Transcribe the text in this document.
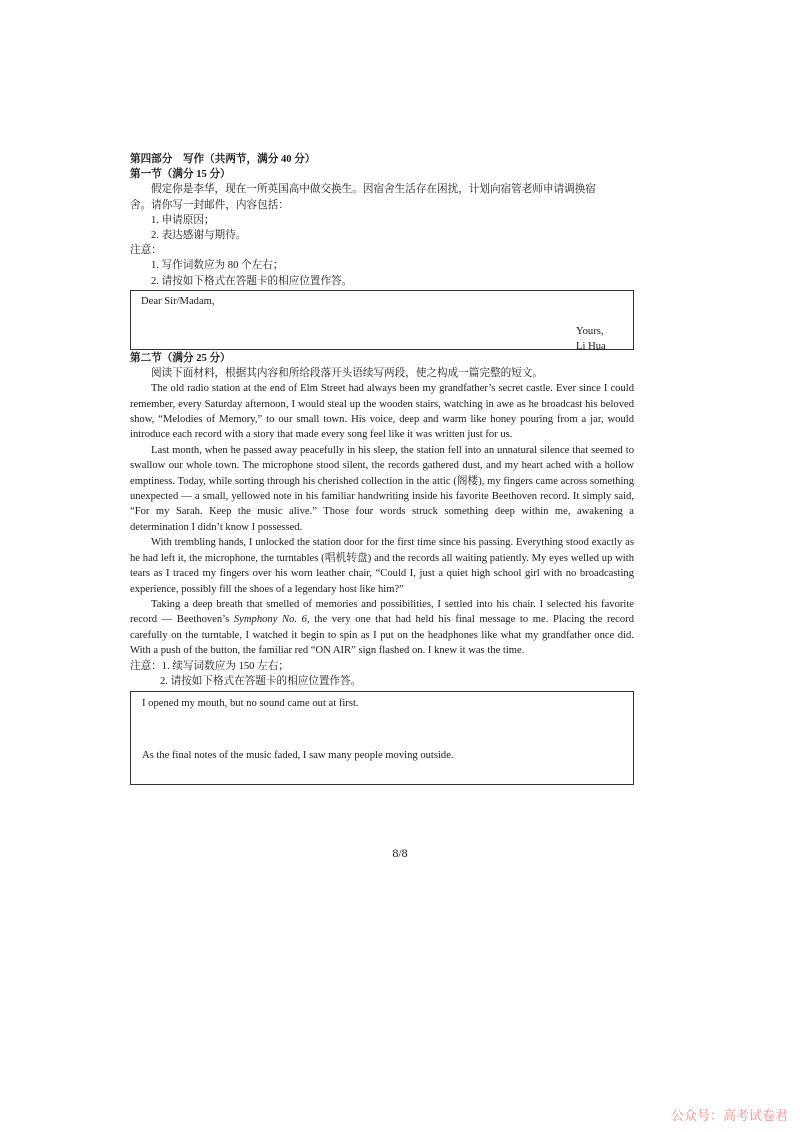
第四部分　写作（共两节，满分 40 分）

第一节（满分 15 分）

假定你是李华，现在一所英国高中做交换生。因宿舍生活存在困扰，计划向宿管老师申请调换宿

舍。请你写一封邮件，内容包括：

1. 申请原因；

2. 表达感谢与期待。

注意：

1. 写作词数应为 80 个左右；

2. 请按如下格式在答题卡的相应位置作答。

Dear Sir/Madam,
Yours,
Li Hua

第二节（满分 25 分）

阅读下面材料，根据其内容和所给段落开头语续写两段，使之构成一篇完整的短文。

The old radio station at the end of Elm Street had always been my grandfather’s secret castle. Ever since I could remember, every Saturday afternoon, I would steal up the wooden stairs, watching in awe as he broadcast his beloved show, “Melodies of Memory,” to our small town. His voice, deep and warm like honey pouring from a jar, would introduce each record with a story that made every song feel like it was written just for us.

Last month, when he passed away peacefully in his sleep, the station fell into an unnatural silence that seemed to swallow our whole town. The microphone stood silent, the records gathered dust, and my heart ached with a hollow emptiness. Today, while sorting through his cherished collection in the attic (阁楼), my fingers came across something unexpected — a small, yellowed note in his familiar handwriting inside his favorite Beethoven record. It simply said, “For my Sarah. Keep the music alive.” Those four words struck something deep within me, awakening a determination I didn’t know I possessed.

With trembling hands, I unlocked the station door for the first time since his passing. Everything stood exactly as he had left it, the microphone, the turntables (唱机转盘) and the records all waiting patiently. My eyes welled up with tears as I traced my fingers over his worn leather chair, “Could I, just a quiet high school girl with no broadcasting experience, possibly fill the shoes of a legendary host like him?”

Taking a deep breath that smelled of memories and possibilities, I settled into his chair. I selected his favorite record — Beethoven’s Symphony No. 6, the very one that had held his final message to me. Placing the record carefully on the turntable, I watched it begin to spin as I put on the headphones like what my grandfather once did. With a push of the button, the familiar red “ON AIR” sign flashed on. I knew it was the time.

注意：1. 续写词数应为 150 左右；

2. 请按如下格式在答题卡的相应位置作答。

I opened my mouth, but no sound came out at first.
As the final notes of the music faded, I saw many people moving outside.
8/8
公众号：高考试卷君
